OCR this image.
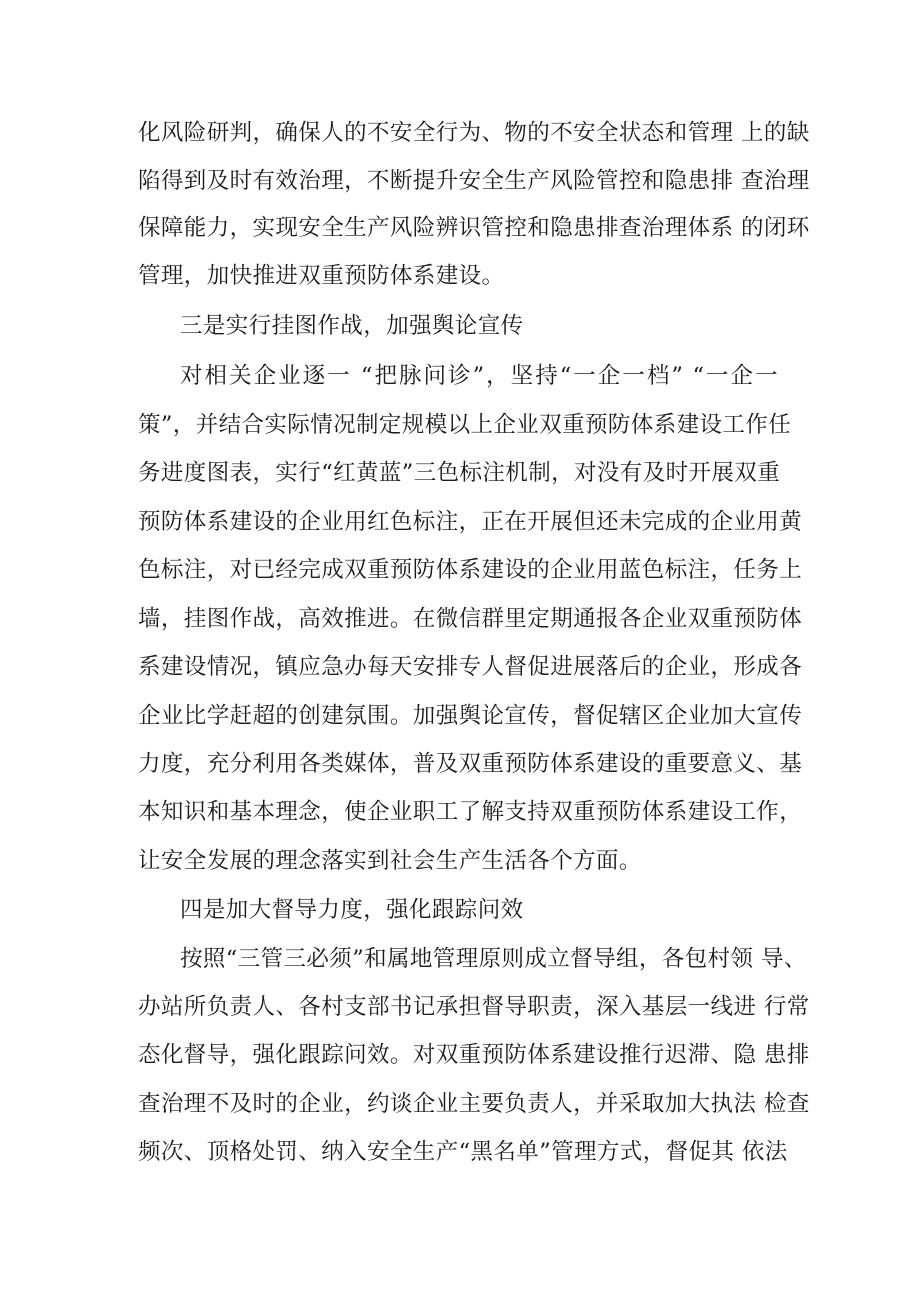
化风险研判，确保人的不安全行为、物的不安全状态和管理 上的缺
陷得到及时有效治理，不断提升安全生产风险管控和隐患排 查治理
保障能力，实现安全生产风险辨识管控和隐患排查治理体系 的闭环
管理，加快推进双重预防体系建设。
三是实行挂图作战，加强舆论宣传
对相关企业逐一 “把脉问诊”，坚持“一企一档” “一企一
策”，并结合实际情况制定规模以上企业双重预防体系建设工作任
务进度图表，实行“红黄蓝”三色标注机制，对没有及时开展双重
预防体系建设的企业用红色标注，正在开展但还未完成的企业用黄
色标注，对已经完成双重预防体系建设的企业用蓝色标注，任务上
墙，挂图作战，高效推进。在微信群里定期通报各企业双重预防体
系建设情况，镇应急办每天安排专人督促进展落后的企业，形成各
企业比学赶超的创建氛围。加强舆论宣传，督促辖区企业加大宣传
力度，充分利用各类媒体，普及双重预防体系建设的重要意义、基
本知识和基本理念，使企业职工了解支持双重预防体系建设工作，
让安全发展的理念落实到社会生产生活各个方面。
四是加大督导力度，强化跟踪问效
按照“三管三必须”和属地管理原则成立督导组，各包村领 导、
办站所负责人、各村支部书记承担督导职责，深入基层一线进 行常
态化督导，强化跟踪问效。对双重预防体系建设推行迟滞、隐 患排
查治理不及时的企业，约谈企业主要负责人，并采取加大执法 检查
频次、顶格处罚、纳入安全生产“黑名单”管理方式，督促其 依法
